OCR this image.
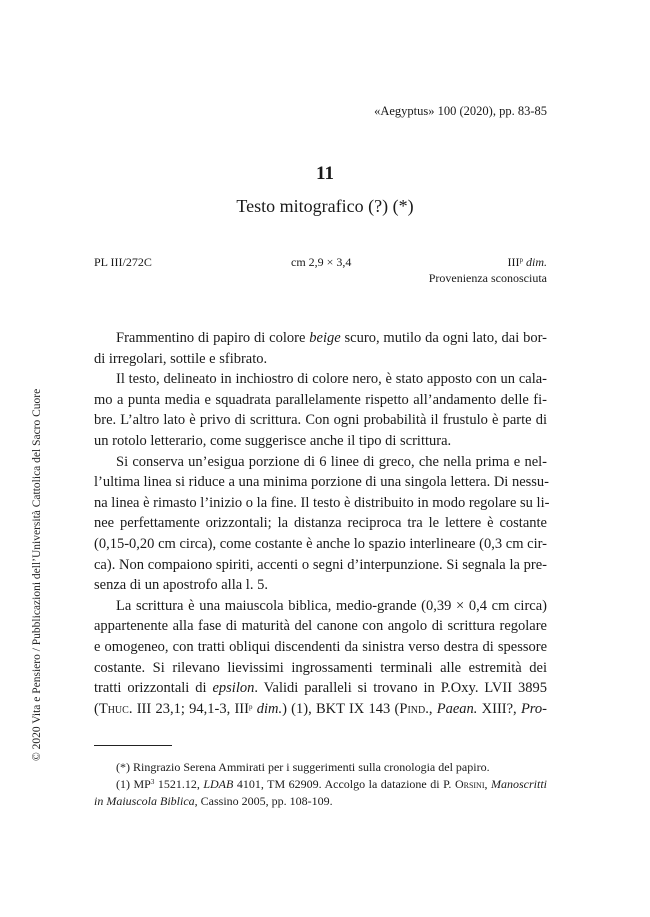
© 2020 Vita e Pensiero / Pubblicazioni dell’Università Cattolica del Sacro Cuore
«Aegyptus» 100 (2020), pp. 83-85
11
Testo mitografico (?) (*)
PL III/272C	cm 2,9 × 3,4	III$^p$ dim.
Provenienza sconosciuta
Frammentino di papiro di colore beige scuro, mutilo da ogni lato, dai bor-
di irregolari, sottile e sfibrato.
Il testo, delineato in inchiostro di colore nero, è stato apposto con un cala-
mo a punta media e squadrata parallelamente rispetto all’andamento delle fi-
bre. L’altro lato è privo di scrittura. Con ogni probabilità il frustulo è parte di
un rotolo letterario, come suggerisce anche il tipo di scrittura.
Si conserva un’esigua porzione di 6 linee di greco, che nella prima e nel-
l’ultima linea si riduce a una minima porzione di una singola lettera. Di nessu-
na linea è rimasto l’inizio o la fine. Il testo è distribuito in modo regolare su li-
nee perfettamente orizzontali; la distanza reciproca tra le lettere è costante
(0,15-0,20 cm circa), come costante è anche lo spazio interlineare (0,3 cm cir-
ca). Non compaiono spiriti, accenti o segni d’interpunzione. Si segnala la pre-
senza di un apostrofo alla l. 5.
La scrittura è una maiuscola biblica, medio-grande (0,39 × 0,4 cm circa)
appartenente alla fase di maturità del canone con angolo di scrittura regolare
e omogeneo, con tratti obliqui discendenti da sinistra verso destra di spessore
costante. Si rilevano lievissimi ingrossamenti terminali alle estremità dei
tratti orizzontali di epsilon. Validi paralleli si trovano in P.Oxy. LVII 3895
(Thuc. III 23,1; 94,1-3, III$^p$ dim.) (1), BKT IX 143 (Pind., Paean. XIII?, Pro-
(*) Ringrazio Serena Ammirati per i suggerimenti sulla cronologia del papiro.
(1) $MP^3$ 1521.12, LDAB 4101, TM 62909. Accolgo la datazione di P. Orsini, Manoscritti
in Maiuscola Biblica, Cassino 2005, pp. 108-109.
